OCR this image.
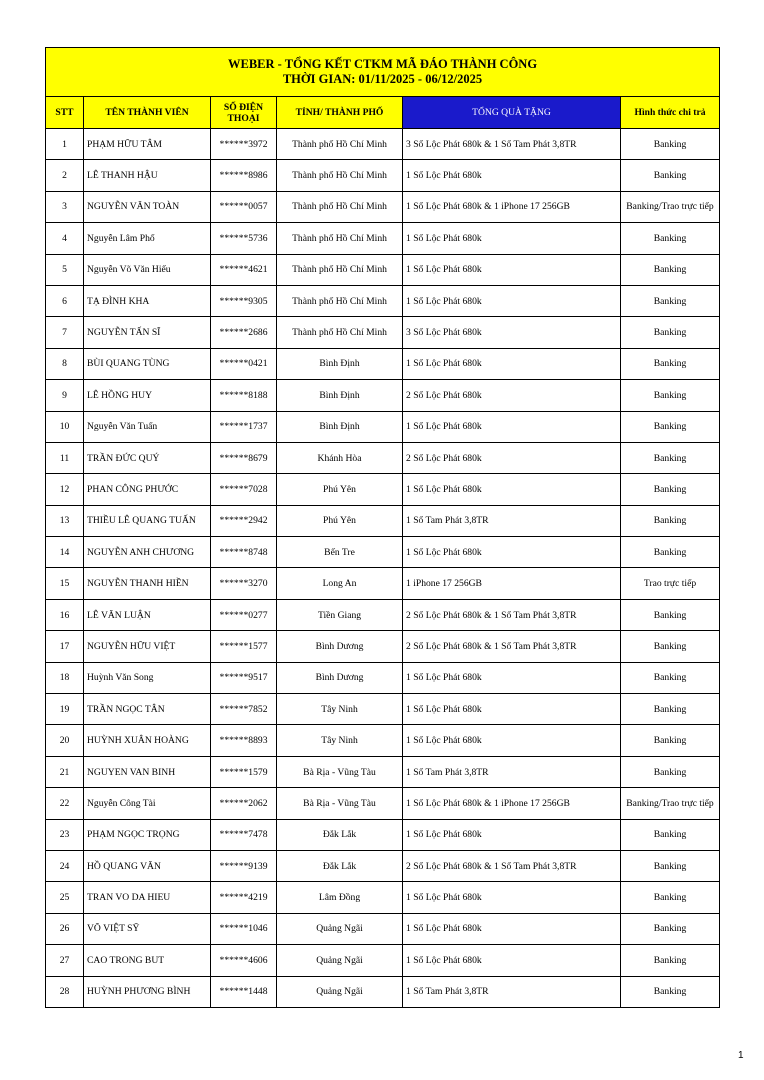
WEBER - TỔNG KẾT CTKM MÃ ĐÁO THÀNH CÔNG
THỜI GIAN: 01/11/2025 - 06/12/2025					

STT	TÊN THÀNH VIÊN	SỐ ĐIỆN THOẠI	TỈNH/ THÀNH PHỐ	TỔNG QUÀ TẶNG	Hình thức chi trả
1	PHẠM HỮU TÂM	******3972	Thành phố Hồ Chí Minh	3 Sổ Lộc Phát 680k & 1 Sổ Tam Phát 3,8TR	Banking
2	LÊ THANH HẬU	******8986	Thành phố Hồ Chí Minh	1 Sổ Lộc Phát 680k	Banking
3	NGUYỄN VĂN TOÀN	******0057	Thành phố Hồ Chí Minh	1 Sổ Lộc Phát 680k & 1 iPhone 17 256GB	Banking/Trao trực tiếp
4	Nguyễn Lâm Phố	******5736	Thành phố Hồ Chí Minh	1 Sổ Lộc Phát 680k	Banking
5	Nguyễn Võ Văn Hiếu	******4621	Thành phố Hồ Chí Minh	1 Sổ Lộc Phát 680k	Banking
6	TẠ ĐÌNH KHA	******9305	Thành phố Hồ Chí Minh	1 Sổ Lộc Phát 680k	Banking
7	NGUYỄN TẤN SĨ	******2686	Thành phố Hồ Chí Minh	3 Sổ Lộc Phát 680k	Banking
8	BÙI QUANG TÙNG	******0421	Bình Định	1 Sổ Lộc Phát 680k	Banking
9	LÊ HỒNG HUY	******8188	Bình Định	2 Sổ Lộc Phát 680k	Banking
10	Nguyễn Văn Tuấn	******1737	Bình Định	1 Sổ Lộc Phát 680k	Banking
11	TRẦN ĐỨC QUÝ	******8679	Khánh Hòa	2 Sổ Lộc Phát 680k	Banking
12	PHAN CÔNG PHƯỚC	******7028	Phú Yên	1 Sổ Lộc Phát 680k	Banking
13	THIỀU LÊ QUANG TUẤN	******2942	Phú Yên	1 Sổ Tam Phát 3,8TR	Banking
14	NGUYỄN ANH CHƯƠNG	******8748	Bến Tre	1 Sổ Lộc Phát 680k	Banking
15	NGUYỄN THANH HIỀN	******3270	Long An	1 iPhone 17 256GB	Trao trực tiếp
16	LÊ VĂN LUẬN	******0277	Tiền Giang	2 Sổ Lộc Phát 680k & 1 Sổ Tam Phát 3,8TR	Banking
17	NGUYỄN HỮU VIỆT	******1577	Bình Dương	2 Sổ Lộc Phát 680k & 1 Sổ Tam Phát 3,8TR	Banking
18	Huỳnh Văn Song	******9517	Bình Dương	1 Sổ Lộc Phát 680k	Banking
19	TRẦN NGỌC TÂN	******7852	Tây Ninh	1 Sổ Lộc Phát 680k	Banking
20	HUỲNH XUÂN HOÀNG	******8893	Tây Ninh	1 Sổ Lộc Phát 680k	Banking
21	NGUYEN VAN BINH	******1579	Bà Rịa - Vũng Tàu	1 Sổ Tam Phát 3,8TR	Banking
22	Nguyễn Công Tài	******2062	Bà Rịa - Vũng Tàu	1 Sổ Lộc Phát 680k & 1 iPhone 17 256GB	Banking/Trao trực tiếp
23	PHẠM NGỌC TRỌNG	******7478	Đắk Lắk	1 Sổ Lộc Phát 680k	Banking
24	HỒ QUANG VĂN	******9139	Đắk Lắk	2 Sổ Lộc Phát 680k & 1 Sổ Tam Phát 3,8TR	Banking
25	TRAN VO DA HIEU	******4219	Lâm Đồng	1 Sổ Lộc Phát 680k	Banking
26	VÕ VIỆT SỸ	******1046	Quảng Ngãi	1 Sổ Lộc Phát 680k	Banking
27	CAO TRONG BUT	******4606	Quảng Ngãi	1 Sổ Lộc Phát 680k	Banking
28	HUỲNH PHƯƠNG BÌNH	******1448	Quảng Ngãi	1 Sổ Tam Phát 3,8TR	Banking
1
